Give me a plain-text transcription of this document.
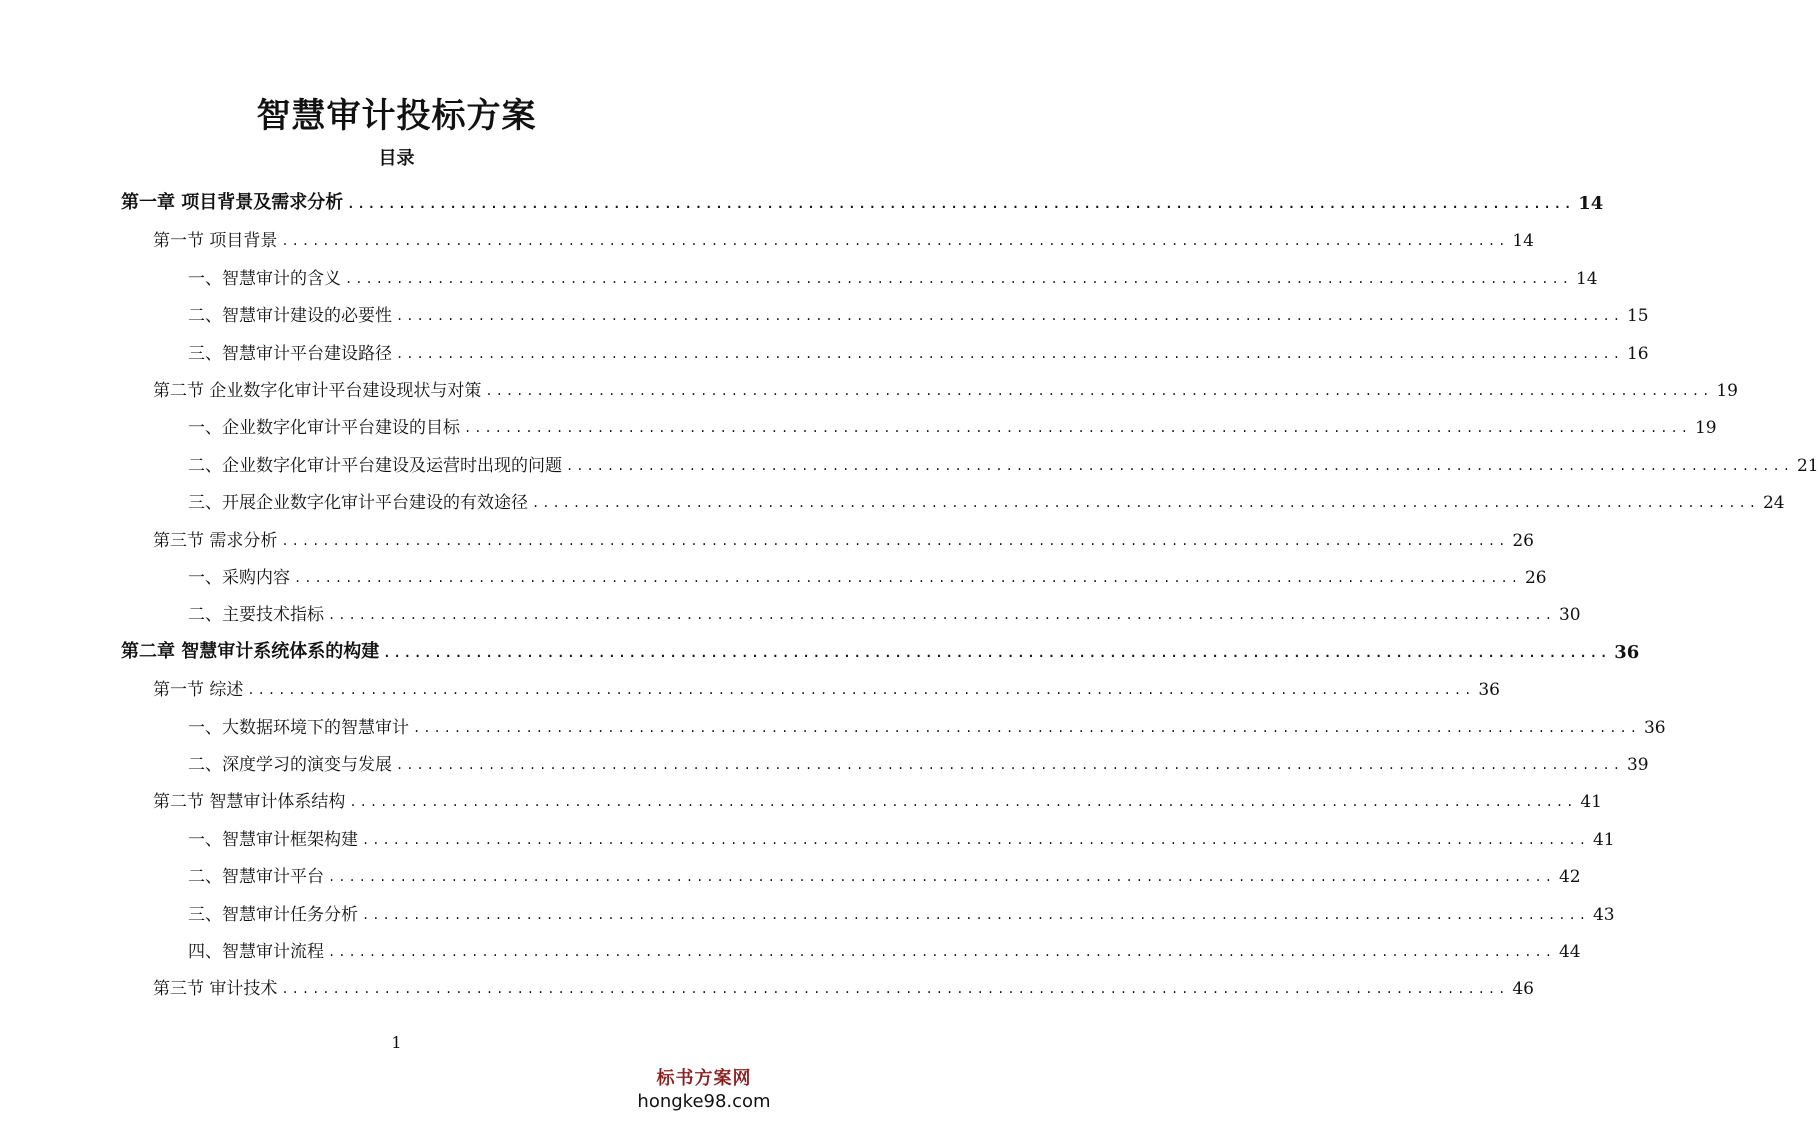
智慧审计投标方案
目录
第一章 项目背景及需求分析 ........................................................................................................................ 14
第一节 项目背景 ........................................................................................................................ 14
一、智慧审计的含义 ........................................................................................................................ 14
二、智慧审计建设的必要性 ........................................................................................................................ 15
三、智慧审计平台建设路径 ........................................................................................................................ 16
第二节 企业数字化审计平台建设现状与对策 ........................................................................................................................ 19
一、企业数字化审计平台建设的目标 ........................................................................................................................ 19
二、企业数字化审计平台建设及运营时出现的问题 ........................................................................................................................ 21
三、开展企业数字化审计平台建设的有效途径 ........................................................................................................................ 24
第三节 需求分析 ........................................................................................................................ 26
一、采购内容 ........................................................................................................................ 26
二、主要技术指标 ........................................................................................................................ 30
第二章 智慧审计系统体系的构建 ........................................................................................................................ 36
第一节 综述 ........................................................................................................................ 36
一、大数据环境下的智慧审计 ........................................................................................................................ 36
二、深度学习的演变与发展 ........................................................................................................................ 39
第二节 智慧审计体系结构 ........................................................................................................................ 41
一、智慧审计框架构建 ........................................................................................................................ 41
二、智慧审计平台 ........................................................................................................................ 42
三、智慧审计任务分析 ........................................................................................................................ 43
四、智慧审计流程 ........................................................................................................................ 44
第三节 审计技术 ........................................................................................................................ 46
1
标书方案网
hongke98.com
